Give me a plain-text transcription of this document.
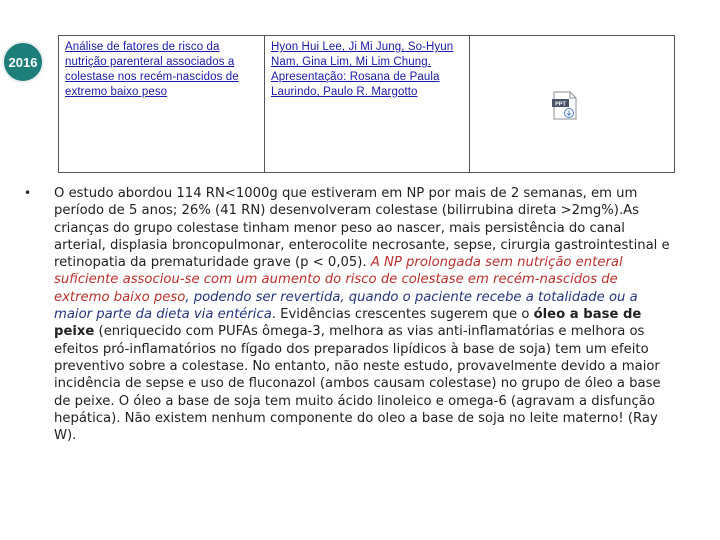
2016
Análise de fatores de risco da nutrição parenteral associados a colestase nos recém-nascidos de extremo baixo peso
Hyon Hui Lee, Ji Mi Jung, So-Hyun Nam, Gina Lim, Mi Lim Chung. Apresentação: Rosana de Paula Laurindo, Paulo R. Margotto
PPT
• O estudo abordou 114 RN<1000g que estiveram em NP por mais de 2 semanas, em um período de 5 anos; 26% (41 RN) desenvolveram colestase (bilirrubina direta >2mg%).As crianças do grupo colestase tinham menor peso ao nascer, mais persistência do canal arterial, displasia broncopulmonar, enterocolite necrosante, sepse, cirurgia gastrointestinal e retinopatia da prematuridade grave (p < 0,05). A NP prolongada sem nutrição enteral suficiente associou-se com um aumento do risco de colestase em recém-nascidos de extremo baixo peso, podendo ser revertida, quando o paciente recebe a totalidade ou a maior parte da dieta via entérica. Evidências crescentes sugerem que o óleo a base de peixe (enriquecido com PUFAs ômega-3, melhora as vias anti-inflamatórias e melhora os efeitos pró-inflamatórios no fígado dos preparados lipídicos à base de soja) tem um efeito preventivo sobre a colestase. No entanto, não neste estudo, provavelmente devido a maior incidência de sepse e uso de fluconazol (ambos causam colestase) no grupo de óleo a base de peixe. O óleo a base de soja tem muito ácido linoleico e omega-6 (agravam a disfunção hepática). Não existem nenhum componente do oleo a base de soja no leite materno! (Ray W).
